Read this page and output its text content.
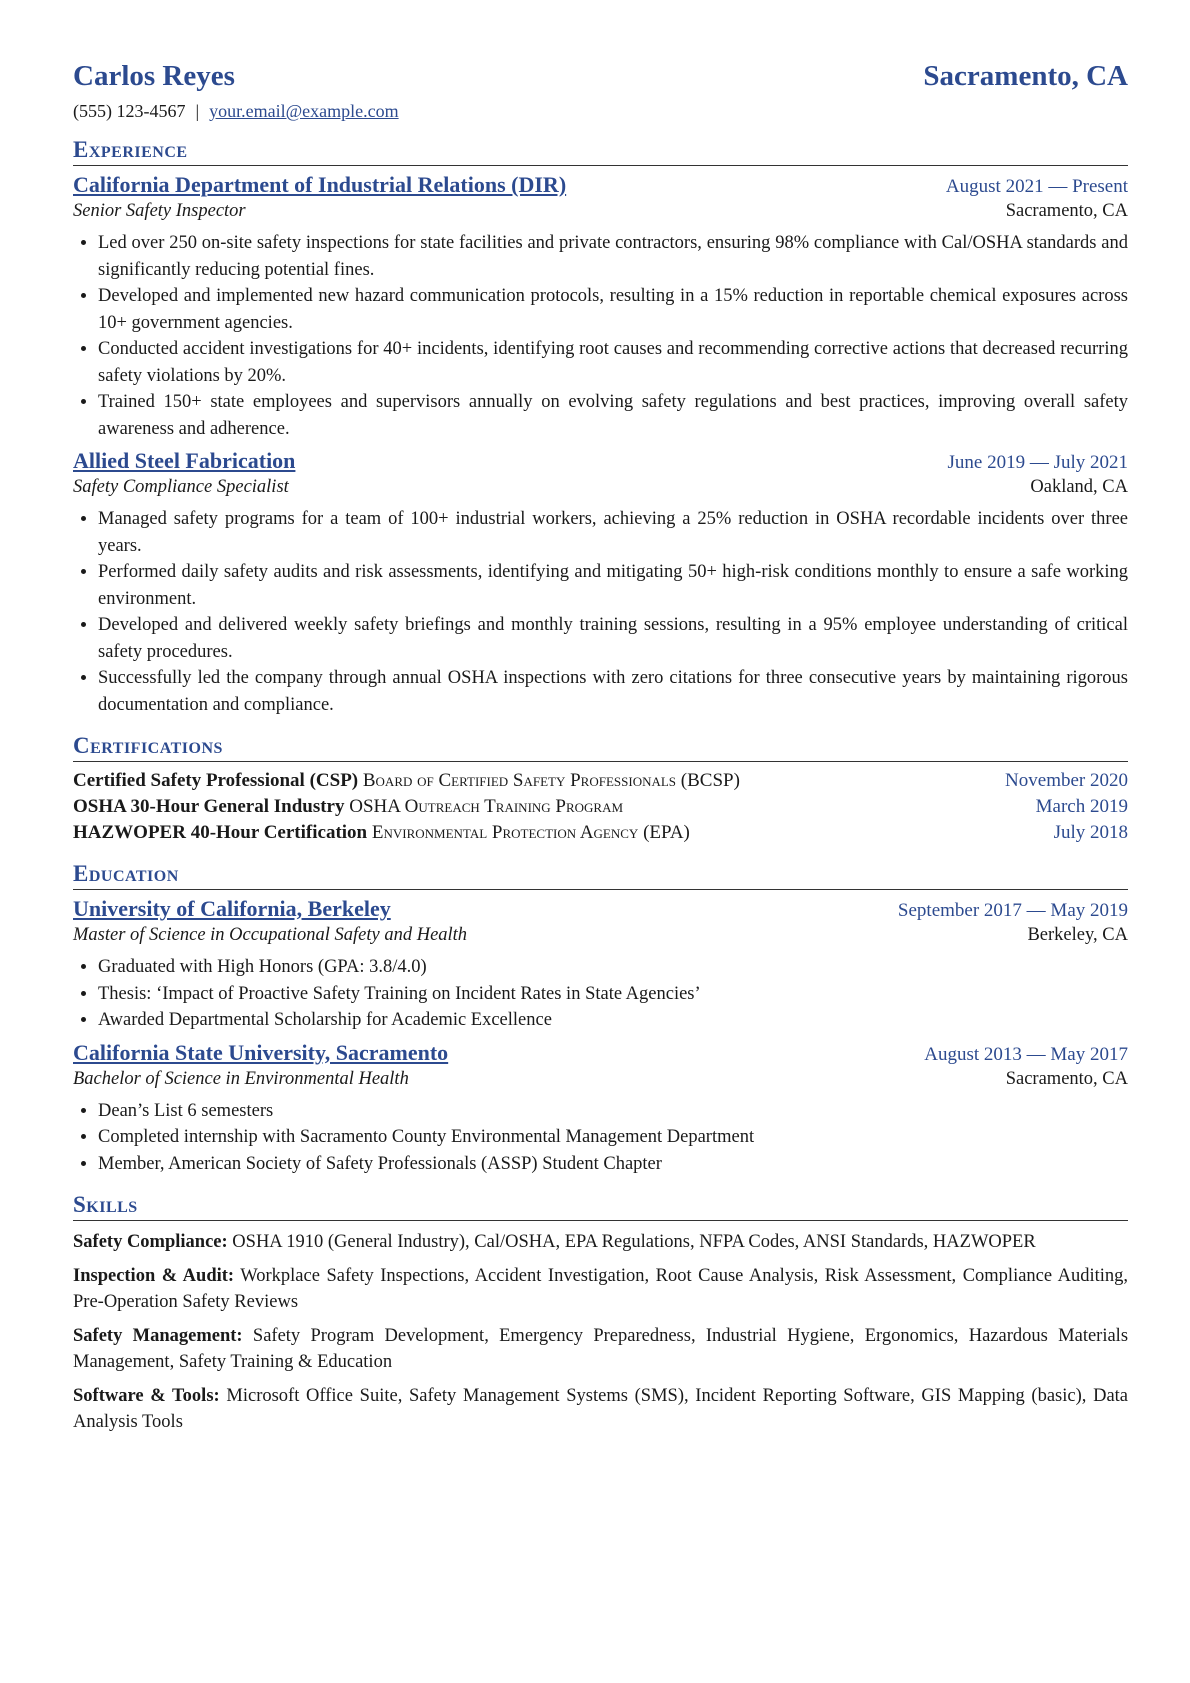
Carlos Reyes	Sacramento, CA
(555) 123-4567 | your.email@example.com
Experience
California Department of Industrial Relations (DIR)	August 2021 — Present
Senior Safety Inspector	Sacramento, CA
• Led over 250 on-site safety inspections for state facilities and private contractors, ensuring 98% compliance with Cal/OSHA standards and significantly reducing potential fines.
• Developed and implemented new hazard communication protocols, resulting in a 15% reduction in reportable chemical exposures across 10+ government agencies.
• Conducted accident investigations for 40+ incidents, identifying root causes and recommending corrective actions that decreased recurring safety violations by 20%.
• Trained 150+ state employees and supervisors annually on evolving safety regulations and best practices, improving overall safety awareness and adherence.
Allied Steel Fabrication	June 2019 — July 2021
Safety Compliance Specialist	Oakland, CA
• Managed safety programs for a team of 100+ industrial workers, achieving a 25% reduction in OSHA recordable incidents over three years.
• Performed daily safety audits and risk assessments, identifying and mitigating 50+ high-risk conditions monthly to ensure a safe working environment.
• Developed and delivered weekly safety briefings and monthly training sessions, resulting in a 95% employee understanding of critical safety procedures.
• Successfully led the company through annual OSHA inspections with zero citations for three consecutive years by maintaining rigorous documentation and compliance.
Certifications
Certified Safety Professional (CSP) Board of Certified Safety Professionals (BCSP)	November 2020
OSHA 30-Hour General Industry OSHA Outreach Training Program	March 2019
HAZWOPER 40-Hour Certification Environmental Protection Agency (EPA)	July 2018
Education
University of California, Berkeley	September 2017 — May 2019
Master of Science in Occupational Safety and Health	Berkeley, CA
• Graduated with High Honors (GPA: 3.8/4.0)
• Thesis: ‘Impact of Proactive Safety Training on Incident Rates in State Agencies’
• Awarded Departmental Scholarship for Academic Excellence
California State University, Sacramento	August 2013 — May 2017
Bachelor of Science in Environmental Health	Sacramento, CA
• Dean’s List 6 semesters
• Completed internship with Sacramento County Environmental Management Department
• Member, American Society of Safety Professionals (ASSP) Student Chapter
Skills
Safety Compliance: OSHA 1910 (General Industry), Cal/OSHA, EPA Regulations, NFPA Codes, ANSI Standards, HAZWOPER
Inspection & Audit: Workplace Safety Inspections, Accident Investigation, Root Cause Analysis, Risk Assessment, Compliance Auditing, Pre-Operation Safety Reviews
Safety Management: Safety Program Development, Emergency Preparedness, Industrial Hygiene, Ergonomics, Hazardous Materials Management, Safety Training & Education
Software & Tools: Microsoft Office Suite, Safety Management Systems (SMS), Incident Reporting Software, GIS Mapping (basic), Data Analysis Tools
